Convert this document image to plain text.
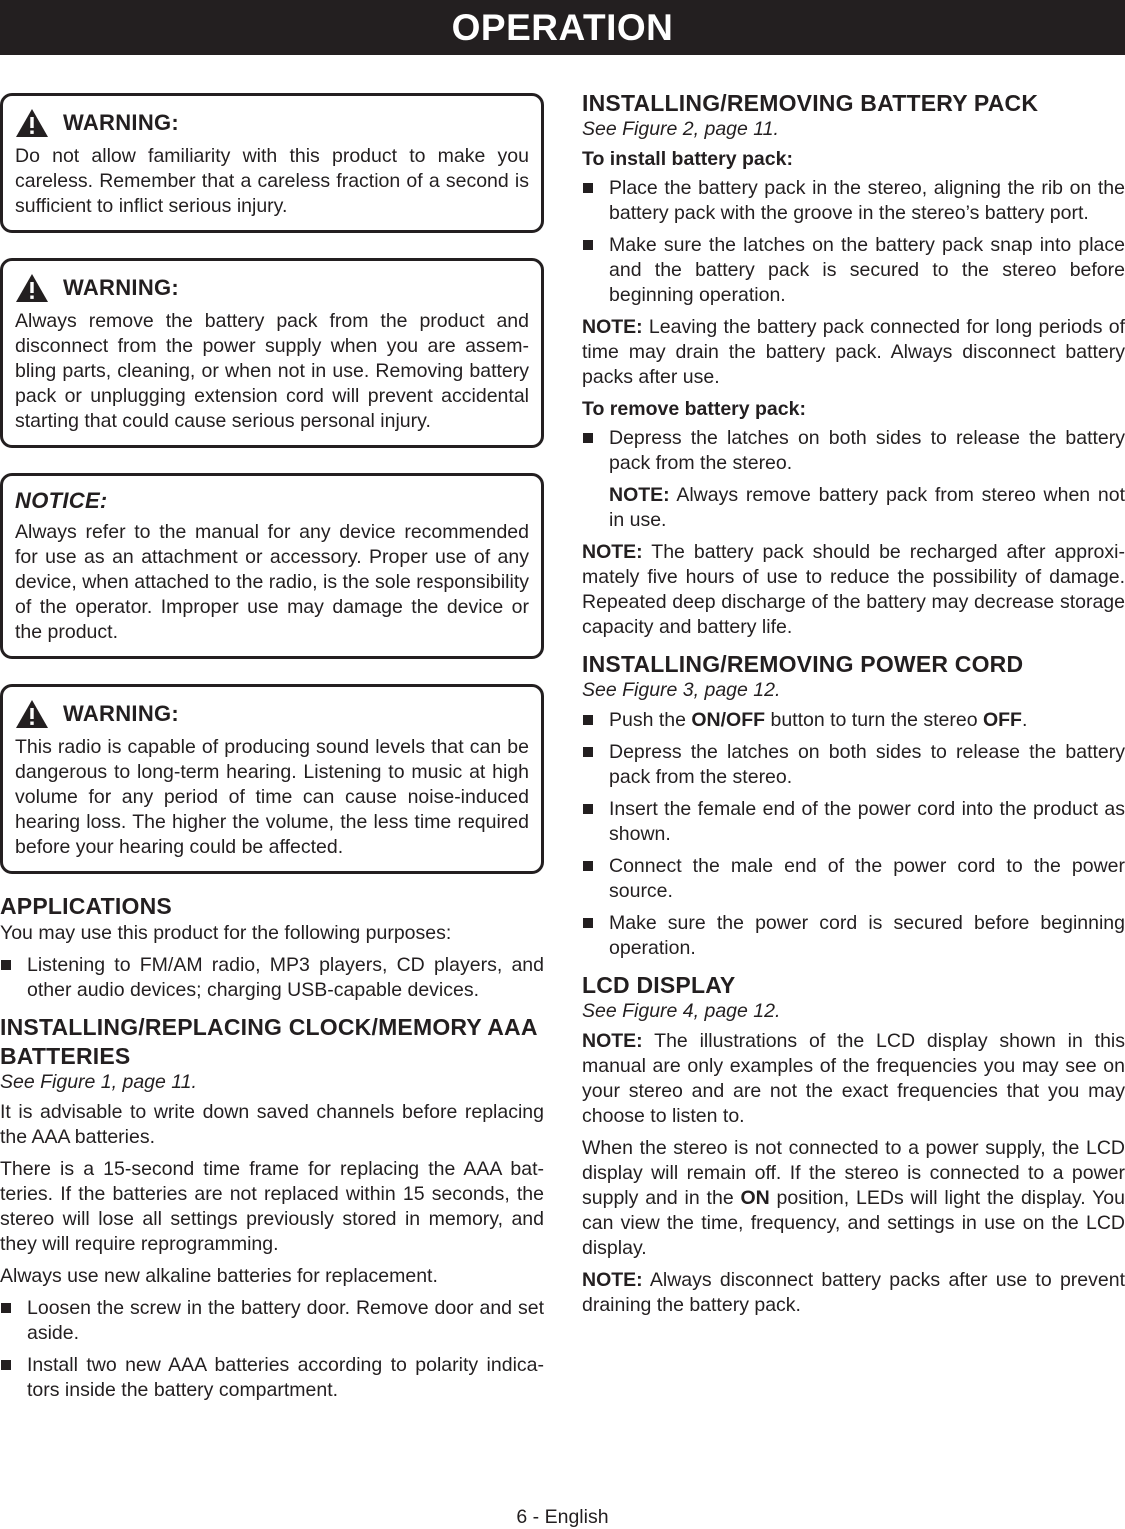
OPERATION
WARNING:

Do not allow familiarity with this product to make you careless. Remember that a careless fraction of a second is sufficient to inflict serious injury.

WARNING:

Always remove the battery pack from the product and disconnect from the power supply when you are assembling parts, cleaning, or when not in use. Removing battery pack or unplugging extension cord will prevent accidental starting that could cause serious personal injury.

NOTICE:

Always refer to the manual for any device recommended for use as an attachment or accessory. Proper use of any device, when attached to the radio, is the sole responsibility of the operator. Improper use may damage the device or the product.

WARNING:

This radio is capable of producing sound levels that can be dangerous to long-term hearing. Listening to music at high volume for any period of time can cause noise-induced hearing loss. The higher the volume, the less time required before your hearing could be affected.

APPLICATIONS

You may use this product for the following purposes:

Listening to FM/AM radio, MP3 players, CD players, and other audio devices; charging USB-capable devices.
INSTALLING/REPLACING CLOCK/MEMORY AAA BATTERIES

See Figure 1, page 11.

It is advisable to write down saved channels before replacing the AAA batteries.

There is a 15-second time frame for replacing the AAA batteries. If the batteries are not replaced within 15 seconds, the stereo will lose all settings previously stored in memory, and they will require reprogramming.

Always use new alkaline batteries for replacement.

Loosen the screw in the battery door. Remove door and set aside.
Install two new AAA batteries according to polarity indicators inside the battery compartment.
INSTALLING/REMOVING BATTERY PACK

See Figure 2, page 11.

To install battery pack:

Place the battery pack in the stereo, aligning the rib on the battery pack with the groove in the stereo’s battery port.
Make sure the latches on the battery pack snap into place and the battery pack is secured to the stereo before beginning operation.

NOTE: Leaving the battery pack connected for long periods of time may drain the battery pack. Always disconnect battery packs after use.

To remove battery pack:

Depress the latches on both sides to release the battery pack from the stereo.

NOTE: Always remove battery pack from stereo when not in use.

NOTE: The battery pack should be recharged after approximately five hours of use to reduce the possibility of damage. Repeated deep discharge of the battery may decrease storage capacity and battery life.

INSTALLING/REMOVING POWER CORD

See Figure 3, page 12.

Push the ON/OFF button to turn the stereo OFF.
Depress the latches on both sides to release the battery pack from the stereo.
Insert the female end of the power cord into the product as shown.
Connect the male end of the power cord to the power source.
Make sure the power cord is secured before beginning operation.
LCD DISPLAY

See Figure 4, page 12.

NOTE: The illustrations of the LCD display shown in this manual are only examples of the frequencies you may see on your stereo and are not the exact frequencies that you may choose to listen to.

When the stereo is not connected to a power supply, the LCD display will remain off. If the stereo is connected to a power supply and in the ON position, LEDs will light the display. You can view the time, frequency, and settings in use on the LCD display.

NOTE: Always disconnect battery packs after use to prevent draining the battery pack.

6 - English
